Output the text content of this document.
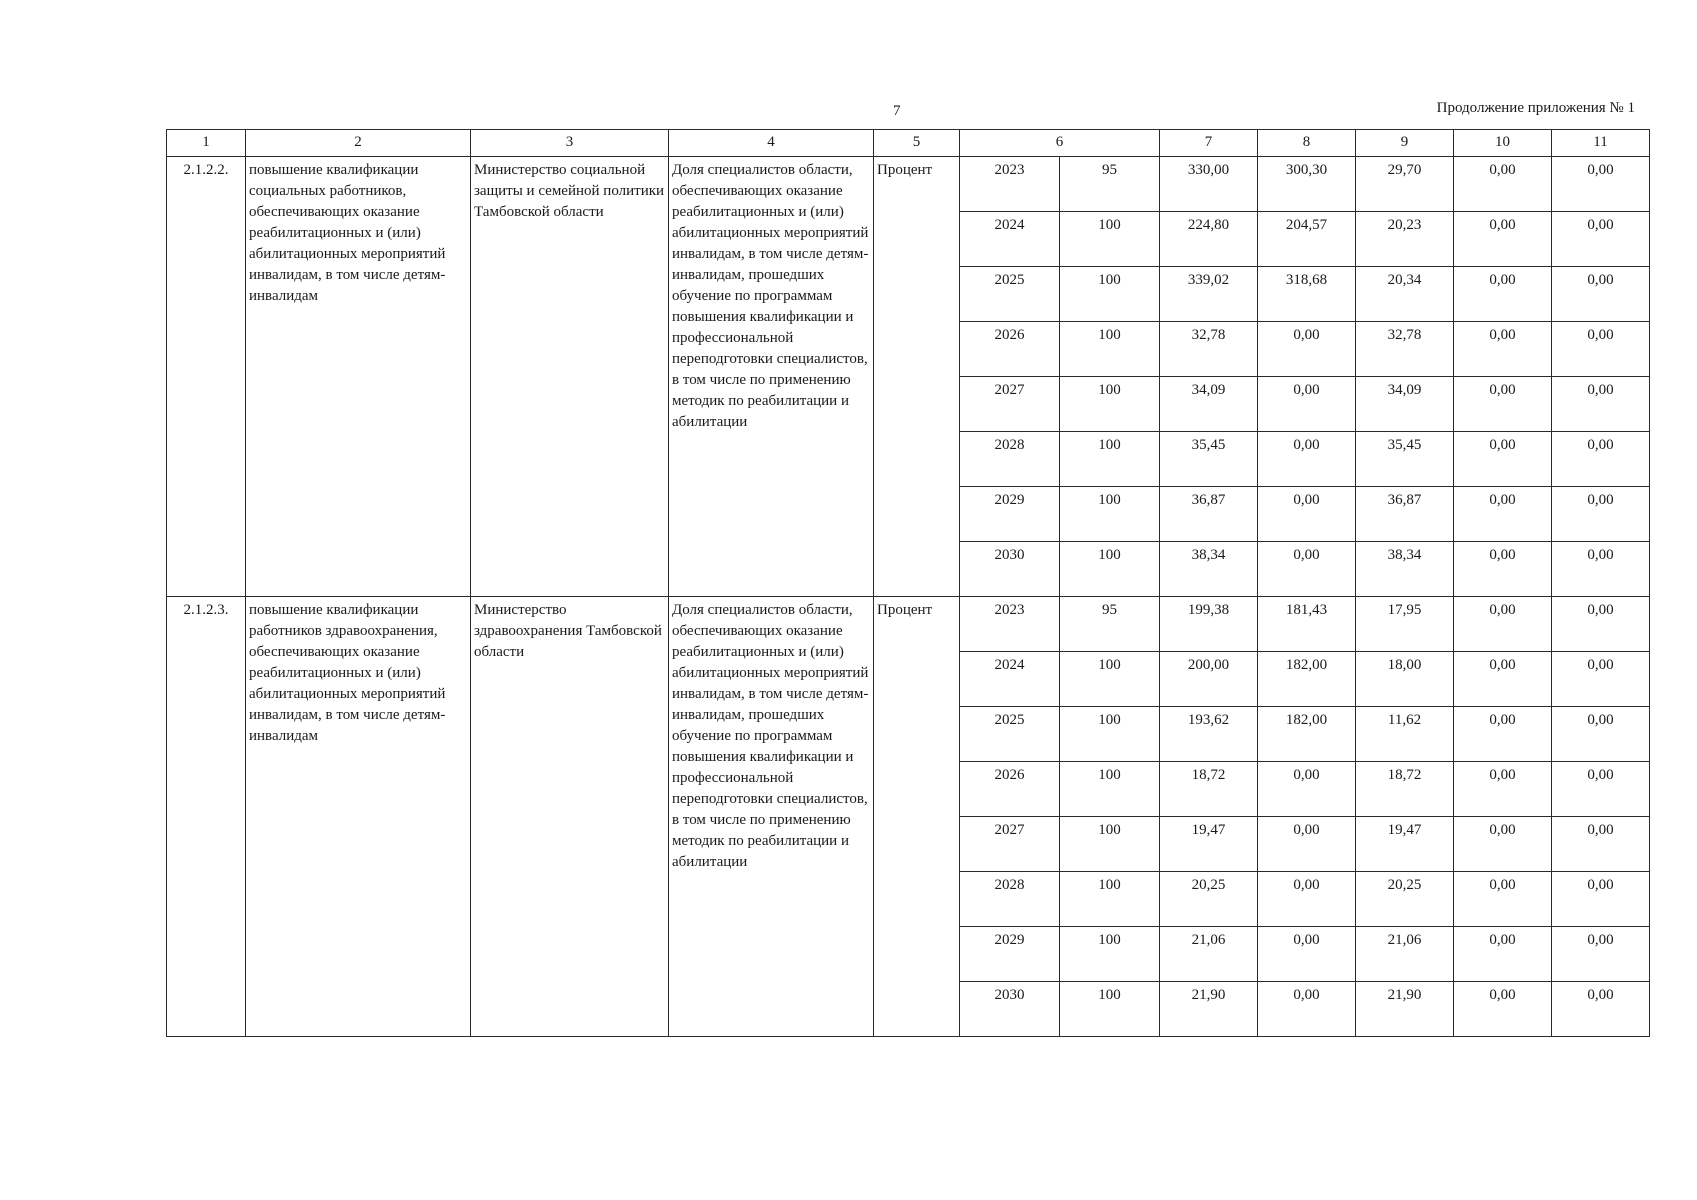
7	Продолжение приложения № 1
1	2	3	4	5	6		7	8	9	10	11
2.1.2.2.	повышение квалификации социальных работников, обеспечивающих оказание реабилитационных и (или) абилитационных мероприятий инвалидам, в том числе детям-инвалидам	Министерство социальной защиты и семейной политики Тамбовской области	Доля специалистов области, обеспечивающих оказание реабилитационных и (или) абилитационных мероприятий инвалидам, в том числе детям-инвалидам, прошедших обучение по программам повышения квалификации и профессиональной переподготовки специалистов, в том числе по применению методик по реабилитации и абилитации	Процент	2023	95	330,00	300,30	29,70	0,00	0,00
					2024	100	224,80	204,57	20,23	0,00	0,00
					2025	100	339,02	318,68	20,34	0,00	0,00
					2026	100	32,78	0,00	32,78	0,00	0,00
					2027	100	34,09	0,00	34,09	0,00	0,00
					2028	100	35,45	0,00	35,45	0,00	0,00
					2029	100	36,87	0,00	36,87	0,00	0,00
					2030	100	38,34	0,00	38,34	0,00	0,00
2.1.2.3.	повышение квалификации работников здравоохранения, обеспечивающих оказание реабилитационных и (или) абилитационных мероприятий инвалидам, в том числе детям-инвалидам	Министерство здравоохранения Тамбовской области	Доля специалистов области, обеспечивающих оказание реабилитационных и (или) абилитационных мероприятий инвалидам, в том числе детям-инвалидам, прошедших обучение по программам повышения квалификации и профессиональной переподготовки специалистов, в том числе по применению методик по реабилитации и абилитации	Процент	2023	95	199,38	181,43	17,95	0,00	0,00
					2024	100	200,00	182,00	18,00	0,00	0,00
					2025	100	193,62	182,00	11,62	0,00	0,00
					2026	100	18,72	0,00	18,72	0,00	0,00
					2027	100	19,47	0,00	19,47	0,00	0,00
					2028	100	20,25	0,00	20,25	0,00	0,00
					2029	100	21,06	0,00	21,06	0,00	0,00
					2030	100	21,90	0,00	21,90	0,00	0,00
